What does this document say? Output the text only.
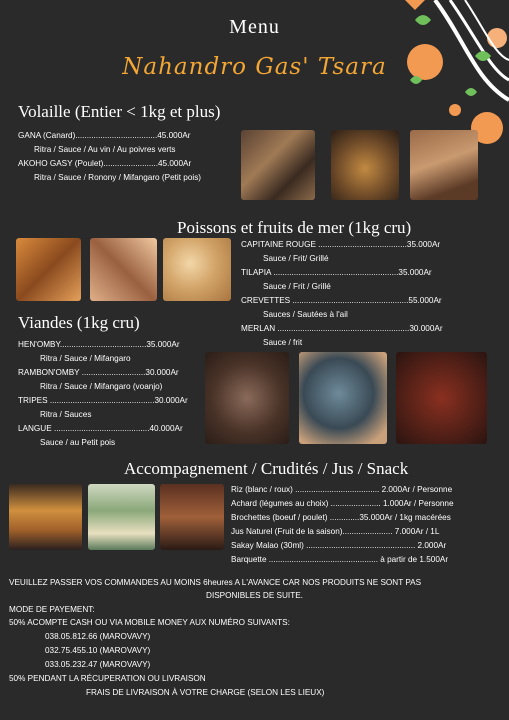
Menu
Nahandro Gas' Tsara
Volaille (Entier < 1kg et plus)
GANA (Canard)....................................45.000Ar
Ritra / Sauce / Au vin / Au poivres verts
AKOHO GASY (Poulet)........................45.000Ar
Ritra / Sauce / Ronony / Mifangaro (Petit pois)
Poissons et fruits de mer (1kg cru)
CAPITAINE ROUGE .......................................35.000Ar
Sauce / Frit/ Grillé
TILAPIA .......................................................35.000Ar
Sauce / Frit / Grillé
CREVETTES ...................................................55.000Ar
Sauces / Sautées à l'ail
MERLAN ..........................................................30.000Ar
Sauce / frit
Viandes (1kg cru)
HEN'OMBY......................................35.000Ar
Ritra / Sauce / Mifangaro
RAMBON'OMBY ............................30.000Ar
Ritra / Sauce / Mifangaro (voanjo)
TRIPES ..............................................30.000Ar
Ritra / Sauces
LANGUE ..........................................40.000Ar
Sauce / au Petit pois
Accompagnement / Crudités / Jus / Snack
Riz (blanc / roux) ..................................... 2.000Ar / Personne
Achard (légumes au choix) ...................... 1.000Ar / Personne
Brochettes (boeuf / poulet) .............35.000Ar / 1kg macérées
Jus Naturel (Fruit de la saison)...................... 7.000Ar / 1L
Sakay Malao (30ml) ................................................ 2.000Ar
Barquette ................................................ à partir de 1.500Ar
VEUILLEZ PASSER VOS COMMANDES AU MOINS 6heures A L'AVANCE CAR NOS PRODUITS NE SONT PAS
DISPONIBLES DE SUITE.
MODE DE PAYEMENT:
50% ACOMPTE CASH OU VIA MOBILE MONEY AUX NUMÉRO SUIVANTS:
038.05.812.66 (MAROVAVY)
032.75.455.10 (MAROVAVY)
033.05.232.47 (MAROVAVY)
50% PENDANT LA RÉCUPERATION OU LIVRAISON
FRAIS DE LIVRAISON À VOTRE CHARGE (SELON LES LIEUX)
